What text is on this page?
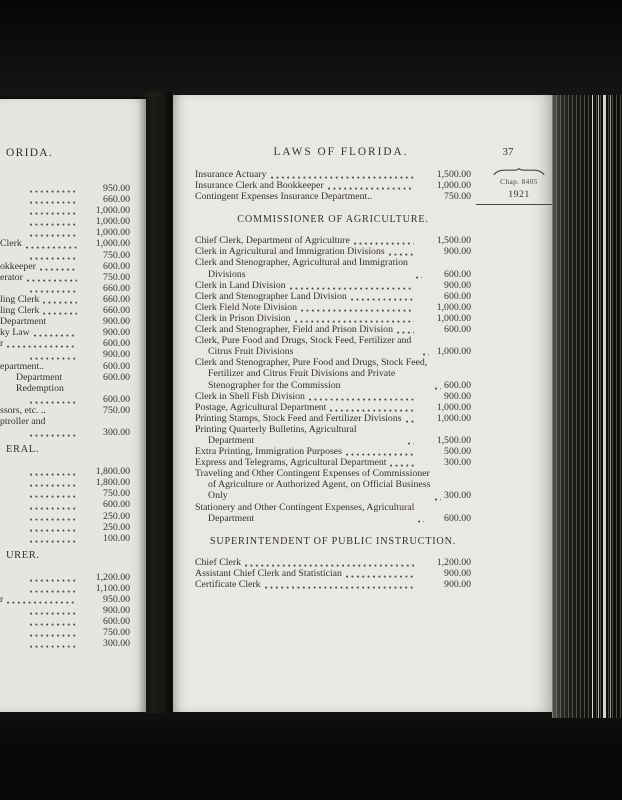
ORIDA.
950.00
660.00
1,000.00
1,000.00
1,000.00
Clerk	1,000.00
750.00
okkeeper	600.00
erator	750.00
660.00
ling Clerk	660.00
ling Clerk	660.00
Department	900.00
ky Law	900.00
r	600.00
900.00
epartment..	600.00
Department	600.00
Redemption
600.00
ssors, etc. ..	750.00
ptroller and
300.00
ERAL.
1,800.00
1,800.00
750.00
600.00
250.00
250.00
100.00
URER.
1,200.00
1,100.00
r	950.00
900.00
600.00
750.00
300.00
LAWS OF FLORIDA.	37
Chap. 8405
1921
Insurance Actuary	1,500.00
Insurance Clerk and Bookkeeper	1,000.00
Contingent Expenses Insurance Department..	750.00
COMMISSIONER OF AGRICULTURE.
Chief Clerk, Department of Agriculture	1,500.00
Clerk in Agricultural and Immigration Divisions	900.00
Clerk and Stenographer, Agricultural and Immigration Divisions	600.00
Clerk in Land Division	900.00
Clerk and Stenographer Land Division	600.00
Clerk Field Note Division	1,000.00
Clerk in Prison Division	1,000.00
Clerk and Stenographer, Field and Prison Division	600.00
Clerk, Pure Food and Drugs, Stock Feed, Fertilizer and Citrus Fruit Divisions	1,000.00
Clerk and Stenographer, Pure Food and Drugs, Stock Feed, Fertilizer and Citrus Fruit Divisions and Private Stenographer for the Commission	600.00
Clerk in Shell Fish Division	900.00
Postage, Agricultural Department	1,000.00
Printing Stamps, Stock Feed and Fertilizer Divisions	1,000.00
Printing Quarterly Bulletins, Agricultural Department	1,500.00
Extra Printing, Immigration Purposes	500.00
Express and Telegrams, Agricultural Department	300.00
Traveling and Other Contingent Expenses of Commissioner of Agriculture or Authorized Agent, on Official Business Only	300.00
Stationery and Other Contingent Expenses, Agricultural Department	600.00
SUPERINTENDENT OF PUBLIC INSTRUCTION.
Chief Clerk	1,200.00
Assistant Chief Clerk and Statistician	900.00
Certificate Clerk	900.00
